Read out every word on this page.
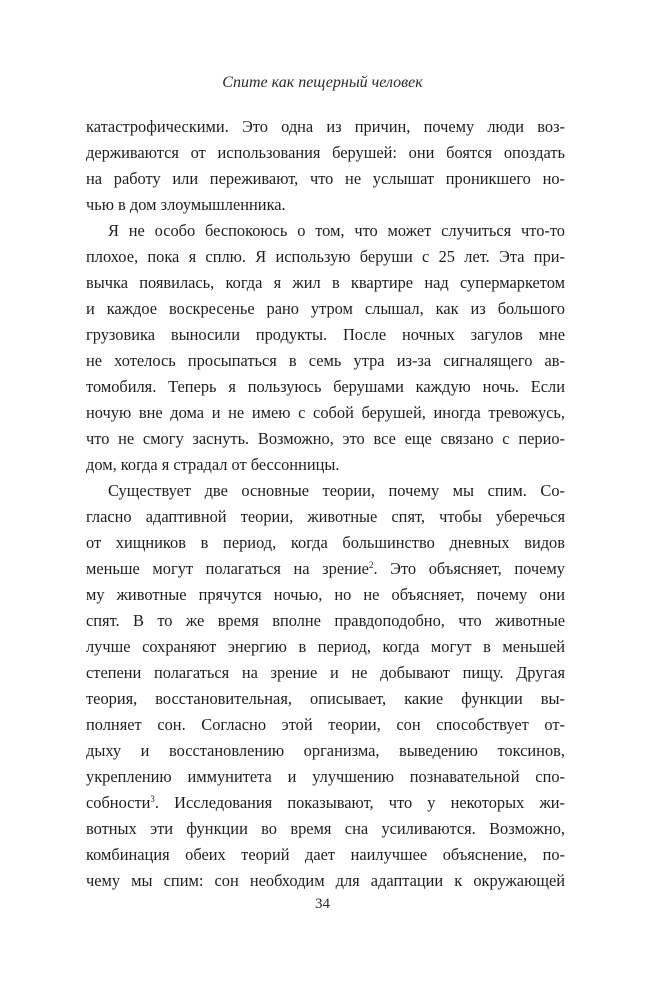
Спите как пещерный человек
катастрофическими. Это одна из причин, почему люди воз-
держиваются от использования берушей: они боятся опоздать
на работу или переживают, что не услышат проникшего но-
чью в дом злоумышленника.
Я не особо беспокоюсь о том, что может случиться что-то
плохое, пока я сплю. Я использую беруши с 25 лет. Эта при-
вычка появилась, когда я жил в квартире над супермаркетом
и каждое воскресенье рано утром слышал, как из большого
грузовика выносили продукты. После ночных загулов мне
не хотелось просыпаться в семь утра из-за сигналящего ав-
томобиля. Теперь я пользуюсь берушами каждую ночь. Если
ночую вне дома и не имею с собой берушей, иногда тревожусь,
что не смогу заснуть. Возможно, это все еще связано с перио-
дом, когда я страдал от бессонницы.
Существует две основные теории, почему мы спим. Со-
гласно адаптивной теории, животные спят, чтобы уберечься
от хищников в период, когда большинство дневных видов
меньше могут полагаться на зрение$^2$. Это объясняет, почему
му животные прячутся ночью, но не объясняет, почему они
спят. В то же время вполне правдоподобно, что животные
лучше сохраняют энергию в период, когда могут в меньшей
степени полагаться на зрение и не добывают пищу. Другая
теория, восстановительная, описывает, какие функции вы-
полняет сон. Согласно этой теории, сон способствует от-
дыху и восстановлению организма, выведению токсинов,
укреплению иммунитета и улучшению познавательной спо-
собности$^3$. Исследования показывают, что у некоторых жи-
вотных эти функции во время сна усиливаются. Возможно,
комбинация обеих теорий дает наилучшее объяснение, по-
чему мы спим: сон необходим для адаптации к окружающей
34
